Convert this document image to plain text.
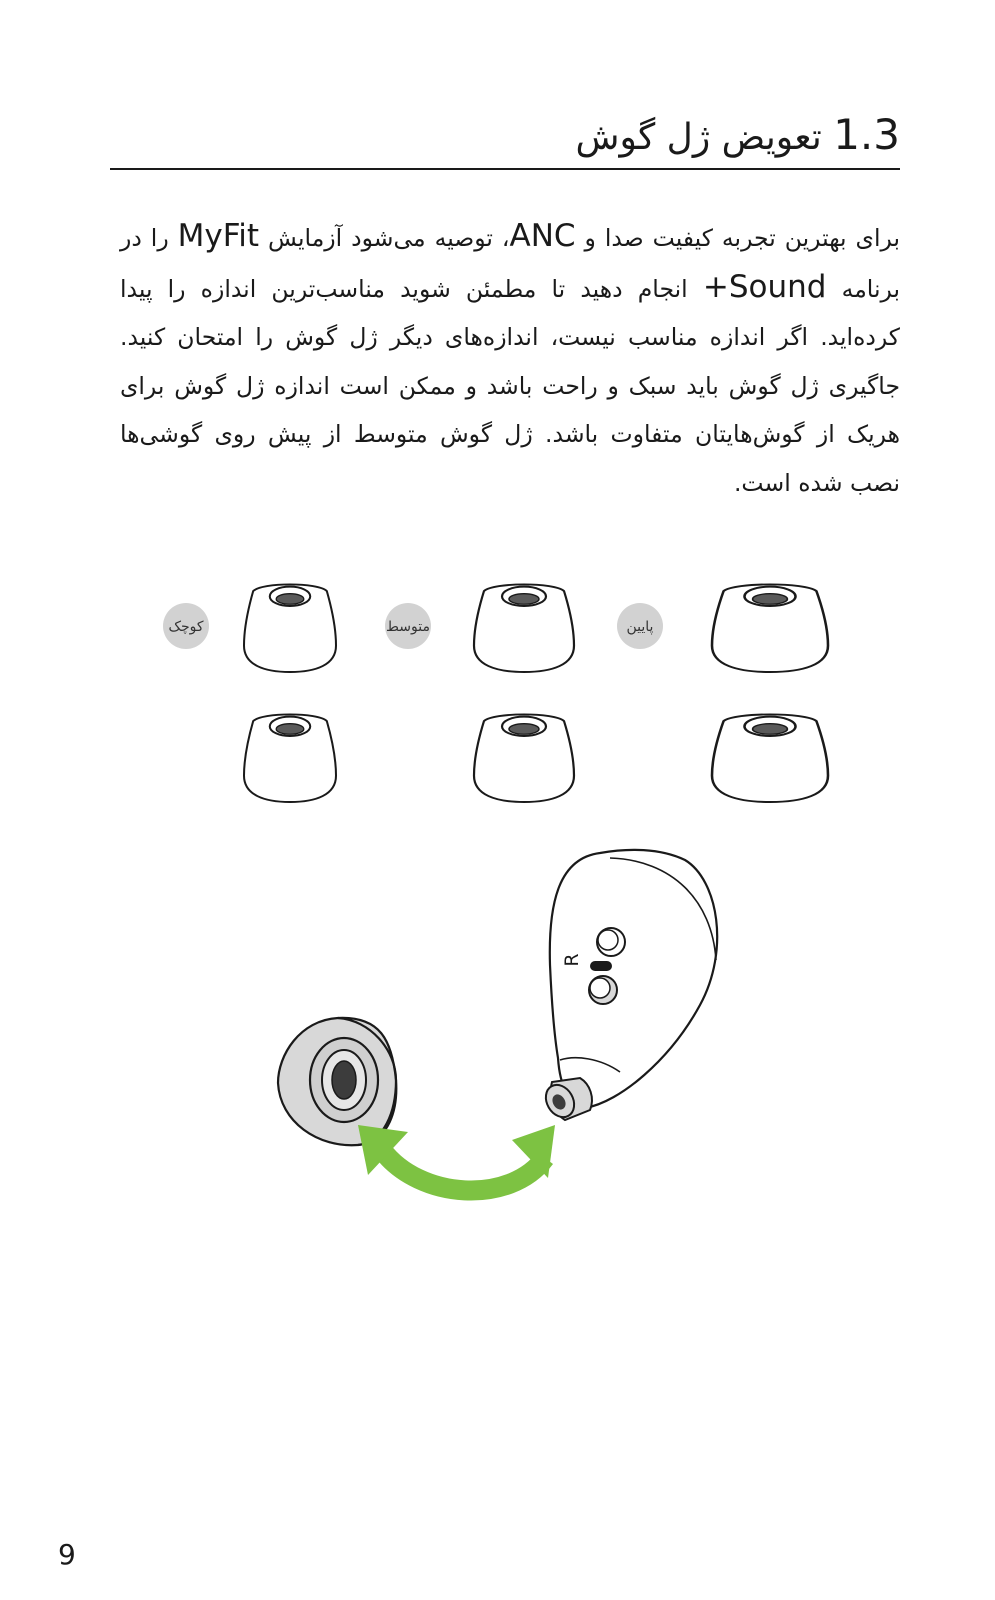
1.3 تعویض ژل گوش
برای بهترین تجربه کیفیت صدا و ANC، توصیه می‌شود آزمایش MyFit را در برنامه Sound+ انجام دهید تا مطمئن شوید مناسب‌ترین اندازه را پیدا کرده‌اید. اگر اندازه مناسب نیست، اندازه‌های دیگر ژل گوش را امتحان کنید. جاگیری ژل گوش باید سبک و راحت باشد و ممکن است اندازه ژل گوش برای هریک از گوش‌هایتان متفاوت باشد. ژل گوش متوسط از پیش روی گوشی‌ها نصب شده است.
کوچک	متوسط	پایین
R
9
